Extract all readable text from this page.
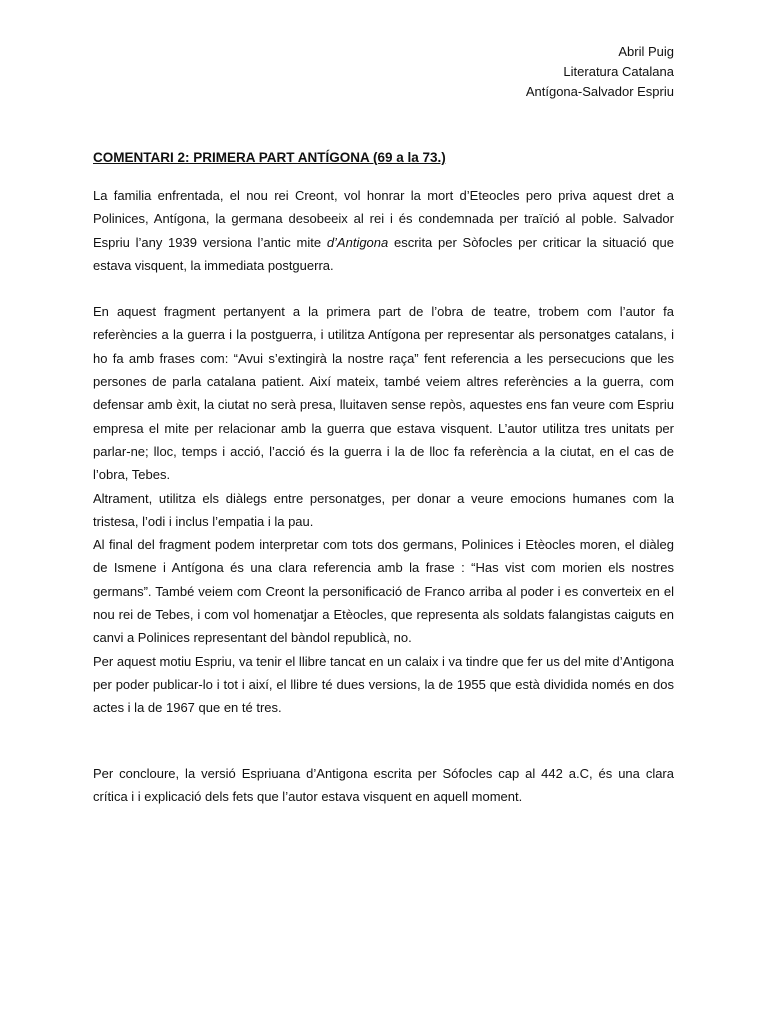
Abril Puig
Literatura Catalana
Antígona-Salvador Espriu
COMENTARI 2: PRIMERA PART ANTÍGONA (69 a la 73.)

La familia enfrentada, el nou rei Creont, vol honrar la mort d’Eteocles pero priva aquest dret a Polinices, Antígona, la germana desobeeix al rei i és condemnada per traïció al poble. Salvador Espriu l’any 1939 versiona l’antic mite d’Antigona escrita per Sòfocles per criticar la situació que estava visquent, la immediata postguerra.

En aquest fragment pertanyent a la primera part de l’obra de teatre, trobem com l’autor fa referències a la guerra i la postguerra, i utilitza Antígona per representar als personatges catalans, i ho fa amb frases com: “Avui s’extingirà la nostre raça” fent referencia a les persecucions que les persones de parla catalana patient. Així mateix, també veiem altres referències a la guerra, com defensar amb èxit, la ciutat no serà presa, lluitaven sense repòs, aquestes ens fan veure com Espriu empresa el mite per relacionar amb la guerra que estava visquent. L’autor utilitza tres unitats per parlar-ne; lloc, temps i acció, l’acció és la guerra i la de lloc fa referència a la ciutat, en el cas de l’obra, Tebes.

Altrament, utilitza els diàlegs entre personatges, per donar a veure emocions humanes com la tristesa, l’odi i inclus l’empatia i la pau.

Al final del fragment podem interpretar com tots dos germans, Polinices i Etèocles moren, el diàleg de Ismene i Antígona és una clara referencia amb la frase : “Has vist com morien els nostres germans”. També veiem com Creont la personificació de Franco arriba al poder i es converteix en el nou rei de Tebes, i com vol homenatjar a Etèocles, que representa als soldats falangistas caiguts en canvi a Polinices representant del bàndol republicà, no.

Per aquest motiu Espriu, va tenir el llibre tancat en un calaix i va tindre que fer us del mite d’Antigona per poder publicar-lo i tot i així, el llibre té dues versions, la de 1955 que està dividida només en dos actes i la de 1967 que en té tres.

Per concloure, la versió Espriuana d’Antigona escrita per Sófocles cap al 442 a.C, és una clara crítica i i explicació dels fets que l’autor estava visquent en aquell moment.
